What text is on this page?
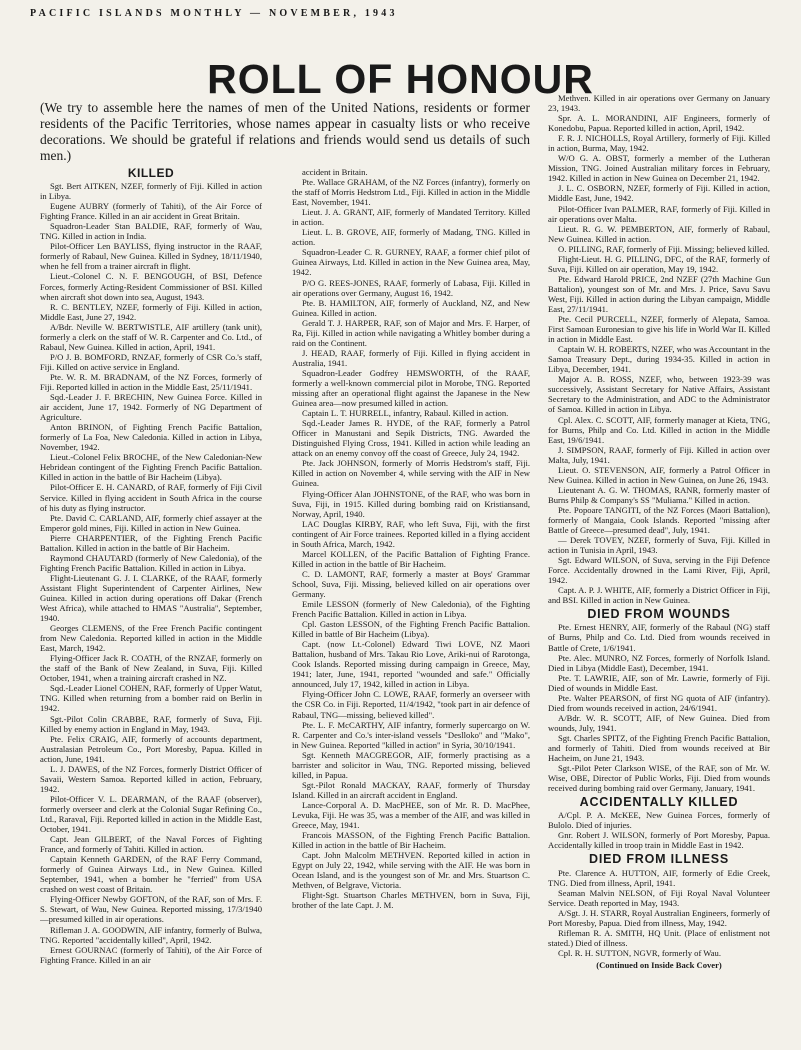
PACIFIC ISLANDS MONTHLY — NOVEMBER, 1943
ROLL OF HONOUR
(We try to assemble here the names of men of the United Nations, residents or former residents of the Pacific Territories, whose names appear in casualty lists or who receive decorations. We should be grateful if relations and friends would send us details of such men.)
KILLED

Sgt. Bert AITKEN, NZEF, formerly of Fiji. Killed in action in Libya.

Eugene AUBRY (formerly of Tahiti), of the Air Force of Fighting France. Killed in an air accident in Great Britain.

Squadron-Leader Stan BALDIE, RAF, formerly of Wau, TNG. Killed in action in India.

Pilot-Officer Len BAYLISS, flying instructor in the RAAF, formerly of Rabaul, New Guinea. Killed in Sydney, 18/11/1940, when he fell from a trainer aircraft in flight.

Lieut.-Colonel C. N. F. BENGOUGH, of BSI, Defence Forces, formerly Acting-Resident Commissioner of BSI. Killed when aircraft shot down into sea, August, 1943.

R. C. BENTLEY, NZEF, formerly of Fiji. Killed in action, Middle East, June 27, 1942.

A/Bdr. Neville W. BERTWISTLE, AIF artillery (tank unit), formerly a clerk on the staff of W. R. Carpenter and Co. Ltd., of Rabaul, New Guinea. Killed in action, April, 1941.

P/O J. B. BOMFORD, RNZAF, formerly of CSR Co.'s staff, Fiji. Killed on active service in England.

Pte. W. R. M. BRADNAM, of the NZ Forces, formerly of Fiji. Reported killed in action in the Middle East, 25/11/1941.

Sqd.-Leader J. F. BRECHIN, New Guinea Force. Killed in air accident, June 17, 1942. Formerly of NG Department of Agriculture.

Anton BRINON, of Fighting French Pacific Battalion, formerly of La Foa, New Caledonia. Killed in action in Libya, November, 1942.

Lieut.-Colonel Felix BROCHE, of the New Caledonian-New Hebridean contingent of the Fighting French Pacific Battalion. Killed in action in the battle of Bir Hacheim (Libya).

Pilot-Officer E. H. CANARD, of RAF, formerly of Fiji Civil Service. Killed in flying accident in South Africa in the course of his duty as flying instructor.

Pte. David C. CARLAND, AIF, formerly chief assayer at the Emperor gold mines, Fiji. Killed in action in New Guinea.

Pierre CHARPENTIER, of the Fighting French Pacific Battalion. Killed in action in the battle of Bir Hacheim.

Raymond CHAUTARD (formerly of New Caledonia), of the Fighting French Pacific Battalion. Killed in action in Libya.

Flight-Lieutenant G. J. I. CLARKE, of the RAAF, formerly Assistant Flight Superintendent of Carpenter Airlines, New Guinea. Killed in action during operations off Dakar (French West Africa), while attached to HMAS "Australia", September, 1940.

Georges CLEMENS, of the Free French Pacific contingent from New Caledonia. Reported killed in action in the Middle East, March, 1942.

Flying-Officer Jack R. COATH, of the RNZAF, formerly on the staff of the Bank of New Zealand, in Suva, Fiji. Killed October, 1941, when a training aircraft crashed in NZ.

Sqd.-Leader Lionel COHEN, RAF, formerly of Upper Watut, TNG. Killed when returning from a bomber raid on Berlin in 1942.

Sgt.-Pilot Colin CRABBE, RAF, formerly of Suva, Fiji. Killed by enemy action in England in May, 1943.

Pte. Felix CRAIG, AIF, formerly of accounts department, Australasian Petroleum Co., Port Moresby, Papua. Killed in action, June, 1941.

L. J. DAWES, of the NZ Forces, formerly District Officer of Savaii, Western Samoa. Reported killed in action, February, 1942.

Pilot-Officer V. L. DEARMAN, of the RAAF (observer), formerly overseer and clerk at the Colonial Sugar Refining Co., Ltd., Raraval, Fiji. Reported killed in action in the Middle East, October, 1941.

Capt. Jean GILBERT, of the Naval Forces of Fighting France, and formerly of Tahiti. Killed in action.

Captain Kenneth GARDEN, of the RAF Ferry Command, formerly of Guinea Airways Ltd., in New Guinea. Killed September, 1941, when a bomber he "ferried" from USA crashed on west coast of Britain.

Flying-Officer Newby GOFTON, of the RAF, son of Mrs. F. S. Stewart, of Wau, New Guinea. Reported missing, 17/3/1940—presumed killed in air operations.

Rifleman J. A. GOODWIN, AIF infantry, formerly of Bulwa, TNG. Reported "accidentally killed", April, 1942.

Ernest GOURNAC (formerly of Tahiti), of the Air Force of Fighting France. Killed in an air

accident in Britain.

Pte. Wallace GRAHAM, of the NZ Forces (infantry), formerly on the staff of Morris Hedstrom Ltd., Fiji. Killed in action in the Middle East, November, 1941.

Lieut. J. A. GRANT, AIF, formerly of Mandated Territory. Killed in action.

Lieut. L. B. GROVE, AIF, formerly of Madang, TNG. Killed in action.

Squadron-Leader C. R. GURNEY, RAAF, a former chief pilot of Guinea Airways, Ltd. Killed in action in the New Guinea area, May, 1942.

P/O G. REES-JONES, RAAF, formerly of Labasa, Fiji. Killed in air operations over Germany, August 16, 1942.

Pte. B. HAMILTON, AIF, formerly of Auckland, NZ, and New Guinea. Killed in action.

Gerald T. J. HARPER, RAF, son of Major and Mrs. F. Harper, of Ra, Fiji. Killed in action while navigating a Whitley bomber during a raid on the Continent.

J. HEAD, RAAF, formerly of Fiji. Killed in flying accident in Australia, 1941.

Squadron-Leader Godfrey HEMSWORTH, of the RAAF, formerly a well-known commercial pilot in Morobe, TNG. Reported missing after an operational flight against the Japanese in the New Guinea area—now presumed killed in action.

Captain L. T. HURRELL, infantry, Rabaul. Killed in action.

Sqd.-Leader James R. HYDE, of the RAF, formerly a Patrol Officer in Manustani and Sepik Districts, TNG. Awarded the Distinguished Flying Cross, 1941. Killed in action while leading an attack on an enemy convoy off the coast of Greece, July 24, 1942.

Pte. Jack JOHNSON, formerly of Morris Hedstrom's staff, Fiji. Killed in action on November 4, while serving with the AIF in New Guinea.

Flying-Officer Alan JOHNSTONE, of the RAF, who was born in Suva, Fiji, in 1915. Killed during bombing raid on Kristiansand, Norway, April, 1940.

LAC Douglas KIRBY, RAF, who left Suva, Fiji, with the first contingent of Air Force trainees. Reported killed in a flying accident in South Africa, March, 1942.

Marcel KOLLEN, of the Pacific Battalion of Fighting France. Killed in action in the battle of Bir Hacheim.

C. D. LAMONT, RAF, formerly a master at Boys' Grammar School, Suva, Fiji. Missing, believed killed on air operations over Germany.

Emile LESSON (formerly of New Caledonia), of the Fighting French Pacific Battalion. Killed in action in Libya.

Cpl. Gaston LESSON, of the Fighting French Pacific Battalion. Killed in battle of Bir Hacheim (Libya).

Capt. (now Lt.-Colonel) Edward Tiwi LOVE, NZ Maori Battalion, husband of Mrs. Takau Rio Love, Ariki-nui of Rarotonga, Cook Islands. Reported missing during campaign in Greece, May, 1941; later, June, 1941, reported "wounded and safe." Officially announced, July 17, 1942, killed in action in Libya.

Flying-Officer John C. LOWE, RAAF, formerly an overseer with the CSR Co. in Fiji. Reported, 11/4/1942, "took part in air defence of Rabaul, TNG—missing, believed killed".

Pte. L. F. McCARTHY, AIF infantry, formerly supercargo on W. R. Carpenter and Co.'s inter-island vessels "Deslloko" and "Mako", in New Guinea. Reported "killed in action" in Syria, 30/10/1941.

Sgt. Kenneth MACGREGOR, AIF, formerly practising as a barrister and solicitor in Wau, TNG. Reported missing, believed killed, in Papua.

Sgt.-Pilot Ronald MACKAY, RAAF, formerly of Thursday Island. Killed in an aircraft accident in England.

Lance-Corporal A. D. MacPHEE, son of Mr. R. D. MacPhee, Levuka, Fiji. He was 35, was a member of the AIF, and was killed in Greece, May, 1941.

Francois MASSON, of the Fighting French Pacific Battalion. Killed in action in the battle of Bir Hacheim.

Capt. John Malcolm METHVEN. Reported killed in action in Egypt on July 22, 1942, while serving with the AIF. He was born in Ocean Island, and is the youngest son of Mr. and Mrs. Stuartson C. Methven, of Belgrave, Victoria.

Flight-Sgt. Stuartson Charles METHVEN, born in Suva, Fiji, brother of the late Capt. J. M.

Methven. Killed in air operations over Germany on January 23, 1943.

Spr. A. L. MORANDINI, AIF Engineers, formerly of Konedobu, Papua. Reported killed in action, April, 1942.

F. R. J. NICHOLLS, Royal Artillery, formerly of Fiji. Killed in action, Burma, May, 1942.

W/O G. A. OBST, formerly a member of the Lutheran Mission, TNG. Joined Australian military forces in February, 1942. Killed in action in New Guinea on December 21, 1942.

J. L. C. OSBORN, NZEF, formerly of Fiji. Killed in action, Middle East, June, 1942.

Pilot-Officer Ivan PALMER, RAF, formerly of Fiji. Killed in air operations over Malta.

Lieut. R. G. W. PEMBERTON, AIF, formerly of Rabaul, New Guinea. Killed in action.

O. PILLING, RAF, formerly of Fiji. Missing; believed killed.

Flight-Lieut. H. G. PILLING, DFC, of the RAF, formerly of Suva, Fiji. Killed on air operation, May 19, 1942.

Pte. Edward Harold PRICE, 2nd NZEF (27th Machine Gun Battalion), youngest son of Mr. and Mrs. J. Price, Savu Savu West, Fiji. Killed in action during the Libyan campaign, Middle East, 27/11/1941.

Pte. Cecil PURCELL, NZEF, formerly of Alepata, Samoa. First Samoan Euronesian to give his life in World War II. Killed in action in Middle East.

Captain W. H. ROBERTS, NZEF, who was Accountant in the Samoa Treasury Dept., during 1934-35. Killed in action in Libya, December, 1941.

Major A. B. ROSS, NZEF, who, between 1923-39 was successively, Assistant Secretary for Native Affairs, Assistant Secretary to the Administration, and ADC to the Administrator of Samoa. Killed in action in Libya.

Cpl. Alex. C. SCOTT, AIF, formerly manager at Kieta, TNG, for Burns, Philp and Co. Ltd. Killed in action in the Middle East, 19/6/1941.

J. SIMPSON, RAAF, formerly of Fiji. Killed in action over Malta, July, 1941.

Lieut. O. STEVENSON, AIF, formerly a Patrol Officer in New Guinea. Killed in action in New Guinea, on June 26, 1943.

Lieutenant A. G. W. THOMAS, RANR, formerly master of Burns Philp & Company's SS "Muliama." Killed in action.

Pte. Popoare TANGITI, of the NZ Forces (Maori Battalion), formerly of Mangaia, Cook Islands. Reported "missing after Battle of Greece—presumed dead", July, 1941.

— Derek TOVEY, NZEF, formerly of Suva, Fiji. Killed in action in Tunisia in April, 1943.

Sgt. Edward WILSON, of Suva, serving in the Fiji Defence Force. Accidentally drowned in the Lami River, Fiji, April, 1942.

Capt. A. P. J. WHITE, AIF, formerly a District Officer in Fiji, and BSI. Killed in action in New Guinea.

DIED FROM WOUNDS

Pte. Ernest HENRY, AIF, formerly of the Rabaul (NG) staff of Burns, Philp and Co. Ltd. Died from wounds received in Battle of Crete, 1/6/1941.

Pte. Alec. MUNRO, NZ Forces, formerly of Norfolk Island. Died in Libya (Middle East), December, 1941.

Pte. T. LAWRIE, AIF, son of Mr. Lawrie, formerly of Fiji. Died of wounds in Middle East.

Pte. Walter PEARSON, of first NG quota of AIF (infantry). Died from wounds received in action, 24/6/1941.

A/Bdr. W. R. SCOTT, AIF, of New Guinea. Died from wounds, July, 1941.

Sgt. Charles SPITZ, of the Fighting French Pacific Battalion, and formerly of Tahiti. Died from wounds received at Bir Hacheim, on June 21, 1943.

Sgt.-Pilot Peter Clarkson WISE, of the RAF, son of Mr. W. Wise, OBE, Director of Public Works, Fiji. Died from wounds received during bombing raid over Germany, January, 1941.

ACCIDENTALLY KILLED

A/Cpl. P. A. McKEE, New Guinea Forces, formerly of Bulolo. Died of injuries.

Gnr. Robert J. WILSON, formerly of Port Moresby, Papua. Accidentally killed in troop train in Middle East in 1942.

DIED FROM ILLNESS

Pte. Clarence A. HUTTON, AIF, formerly of Edie Creek, TNG. Died from illness, April, 1941.

Seaman Malvin NELSON, of Fiji Royal Naval Volunteer Service. Death reported in May, 1943.

A/Sgt. J. H. STARR, Royal Australian Engineers, formerly of Port Moresby, Papua. Died from illness, May, 1942.

Rifleman R. A. SMITH, HQ Unit. (Place of enlistment not stated.) Died of illness.

Cpl. R. H. SUTTON, NGVR, formerly of Wau.

(Continued on Inside Back Cover)
